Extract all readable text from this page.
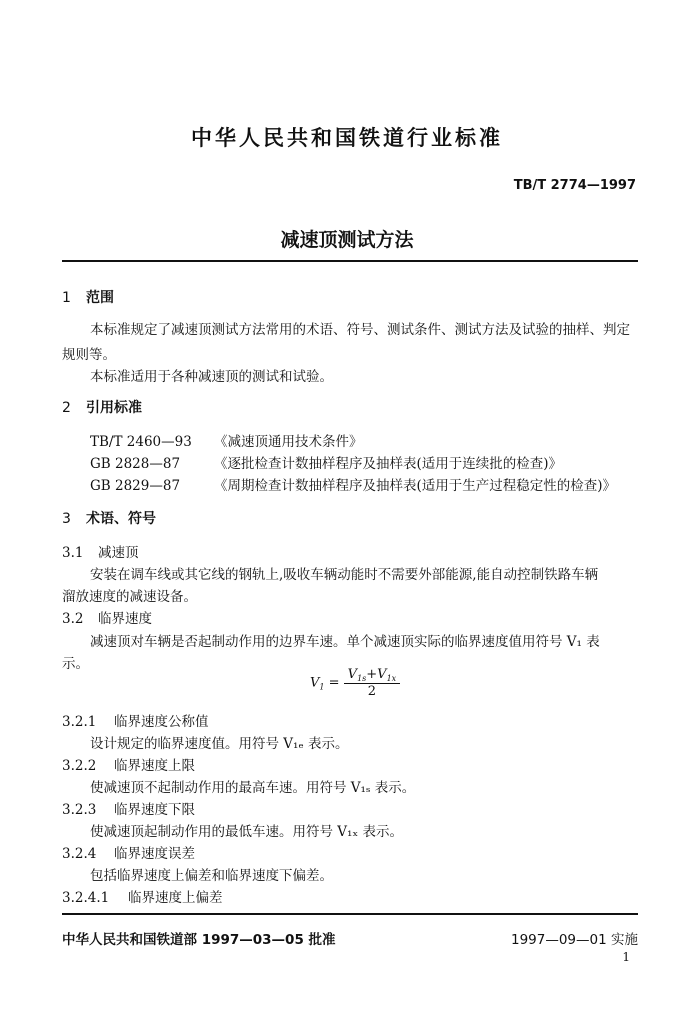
中华人民共和国铁道行业标准
TB/T 2774—1997
减速顶测试方法
1 范围
本标准规定了减速顶测试方法常用的术语、符号、测试条件、测试方法及试验的抽样、判定
规则等。
本标准适用于各种减速顶的测试和试验。
2 引用标准
TB/T 2460—93 《减速顶通用技术条件》
GB 2828—87	《逐批检查计数抽样程序及抽样表(适用于连续批的检查)》
GB 2829—87	《周期检查计数抽样程序及抽样表(适用于生产过程稳定性的检查)》
3 术语、符号
3.1 减速顶
安装在调车线或其它线的钢轨上,吸收车辆动能时不需要外部能源,能自动控制铁路车辆
溜放速度的减速设备。
3.2 临界速度
减速顶对车辆是否起制动作用的边界车速。单个减速顶实际的临界速度值用符号 V₁ 表
示。
$V_1 = \frac{V_{1s}+V_{1x}}{2}$
3.2.1 临界速度公称值
设计规定的临界速度值。用符号 V₁ₑ 表示。
3.2.2 临界速度上限
使减速顶不起制动作用的最高车速。用符号 V₁ₛ 表示。
3.2.3 临界速度下限
使减速顶起制动作用的最低车速。用符号 V₁ₓ 表示。
3.2.4 临界速度误差
包括临界速度上偏差和临界速度下偏差。
3.2.4.1 临界速度上偏差
中华人民共和国铁道部 1997—03—05 批准	1997—09—01 实施
1
